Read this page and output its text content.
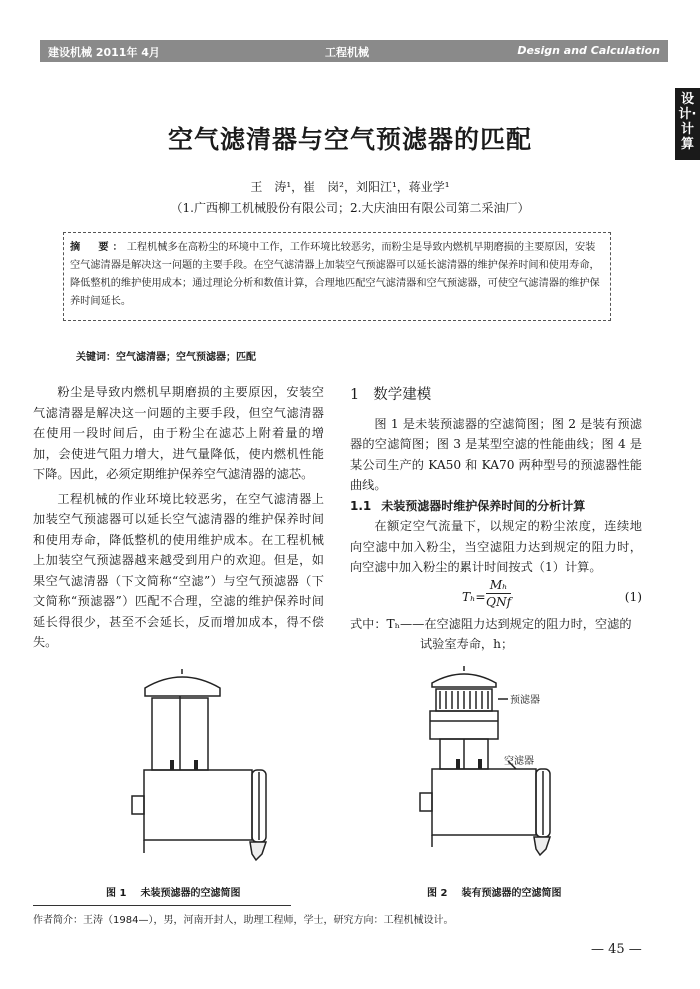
建设机械 2011年 4月	工程机械	Design and Calculation
设计·计算
空气滤清器与空气预滤器的匹配
王　涛¹，崔　岗²，刘阳江¹，蒋业学¹
（1.广西柳工机械股份有限公司；2.大庆油田有限公司第二采油厂）
摘　要：工程机械多在高粉尘的环境中工作，工作环境比较恶劣，而粉尘是导致内燃机早期磨损的主要原因，安装空气滤清器是解决这一问题的主要手段。在空气滤清器上加装空气预滤器可以延长滤清器的维护保养时间和使用寿命，降低整机的维护使用成本；通过理论分析和数值计算，合理地匹配空气滤清器和空气预滤器，可使空气滤清器的维护保养时间延长。
关键词：空气滤清器；空气预滤器；匹配

粉尘是导致内燃机早期磨损的主要原因，安装空气滤清器是解决这一问题的主要手段，但空气滤清器在使用一段时间后，由于粉尘在滤芯上附着量的增加，会使进气阻力增大，进气量降低，使内燃机性能下降。因此，必须定期维护保养空气滤清器的滤芯。

工程机械的作业环境比较恶劣，在空气滤清器上加装空气预滤器可以延长空气滤清器的维护保养时间和使用寿命，降低整机的使用维护成本。在工程机械上加装空气预滤器越来越受到用户的欢迎。但是，如果空气滤清器（下文简称“空滤”）与空气预滤器（下文简称“预滤器”）匹配不合理，空滤的维护保养时间延长得很少，甚至不会延长，反而增加成本，得不偿失。

1 数学建模

图 1 是未装预滤器的空滤简图；图 2 是装有预滤器的空滤简图；图 3 是某型空滤的性能曲线；图 4 是某公司生产的 KA50 和 KA70 两种型号的预滤器性能曲线。

1.1 未装预滤器时维护保养时间的分析计算

在额定空气流量下，以规定的粉尘浓度，连续地向空滤中加入粉尘，当空滤阻力达到规定的阻力时，向空滤中加入粉尘的累计时间按式（1）计算。

Tₕ=
Mₕ
QNf	(1)

式中：Tₕ——在空滤阻力达到规定的阻力时，空滤的

试验室寿命，h；

预滤器
空滤器
图 1 未装预滤器的空滤简图	图 2 装有预滤器的空滤简图
作者简介：王涛（1984—），男，河南开封人，助理工程师，学士，研究方向：工程机械设计。
— 45 —
